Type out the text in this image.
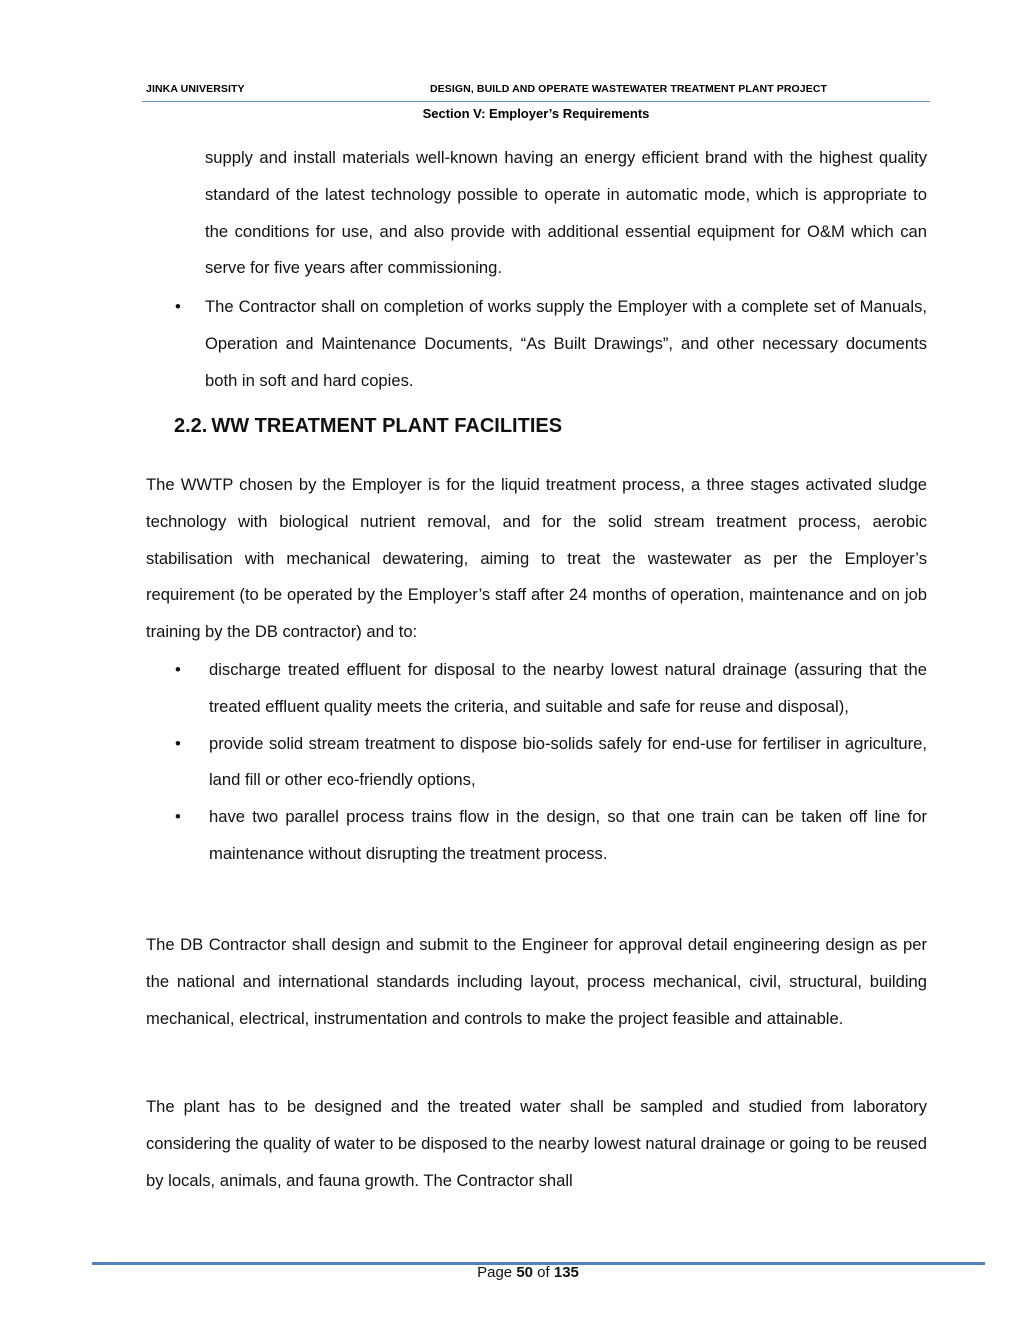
JINKA UNIVERSITY	DESIGN, BUILD AND OPERATE WASTEWATER TREATMENT PLANT PROJECT
Section V: Employer’s Requirements

supply and install materials well-known having an energy efficient brand with the highest quality standard of the latest technology possible to operate in automatic mode, which is appropriate to the conditions for use, and also provide with additional essential equipment for O&M which can serve for five years after commissioning.

• The Contractor shall on completion of works supply the Employer with a complete set of Manuals, Operation and Maintenance Documents, “As Built Drawings”, and other necessary documents both in soft and hard copies.
2.2. WW TREATMENT PLANT FACILITIES

The WWTP chosen by the Employer is for the liquid treatment process, a three stages activated sludge technology with biological nutrient removal, and for the solid stream treatment process, aerobic stabilisation with mechanical dewatering, aiming to treat the wastewater as per the Employer’s requirement (to be operated by the Employer’s staff after 24 months of operation, maintenance and on job training by the DB contractor) and to:

• discharge treated effluent for disposal to the nearby lowest natural drainage (assuring that the treated effluent quality meets the criteria, and suitable and safe for reuse and disposal),
• provide solid stream treatment to dispose bio-solids safely for end-use for fertiliser in agriculture, land fill or other eco-friendly options,
• have two parallel process trains flow in the design, so that one train can be taken off line for maintenance without disrupting the treatment process.

The DB Contractor shall design and submit to the Engineer for approval detail engineering design as per the national and international standards including layout, process mechanical, civil, structural, building mechanical, electrical, instrumentation and controls to make the project feasible and attainable.

The plant has to be designed and the treated water shall be sampled and studied from laboratory considering the quality of water to be disposed to the nearby lowest natural drainage or going to be reused by locals, animals, and fauna growth. The Contractor shall

Page 50 of 135
